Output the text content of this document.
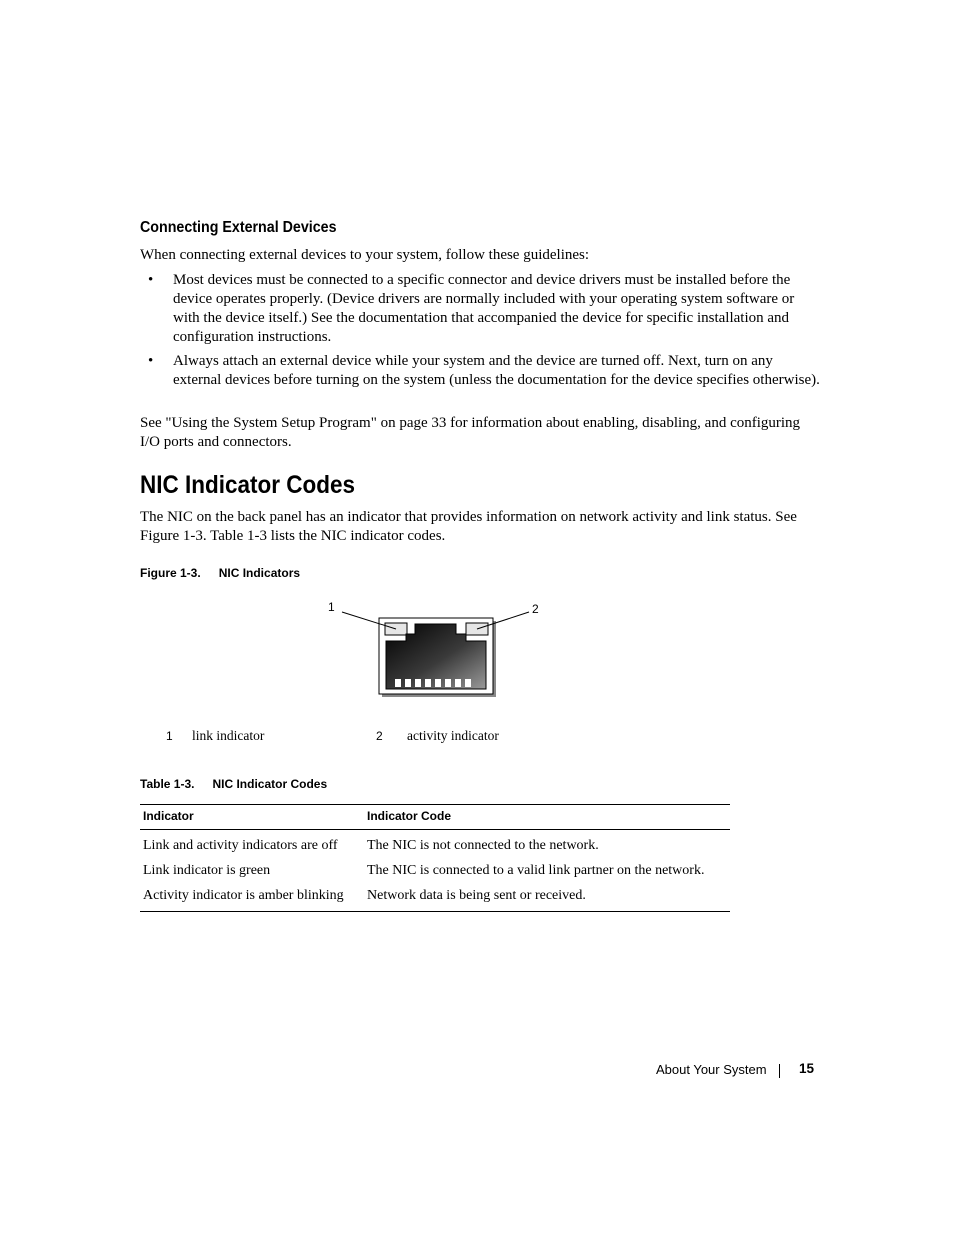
Connecting External Devices
When connecting external devices to your system, follow these guidelines:
•	Most devices must be connected to a specific connector and device drivers must be installed before the device operates properly. (Device drivers are normally included with your operating system software or with the device itself.) See the documentation that accompanied the device for specific installation and configuration instructions.
•	Always attach an external device while your system and the device are turned off. Next, turn on any external devices before turning on the system (unless the documentation for the device specifies otherwise).
See "Using the System Setup Program" on page 33 for information about enabling, disabling, and configuring I/O ports and connectors.
NIC Indicator Codes
The NIC on the back panel has an indicator that provides information on network activity and link status. See Figure 1-3. Table 1-3 lists the NIC indicator codes.
Figure 1-3. NIC Indicators
1	2
1 link indicator	2 activity indicator
Table 1-3. NIC Indicator Codes
Indicator	Indicator Code
Link and activity indicators are off	The NIC is not connected to the network.
Link indicator is green	The NIC is connected to a valid link partner on the network.
Activity indicator is amber blinking	Network data is being sent or received.
About Your System 15
